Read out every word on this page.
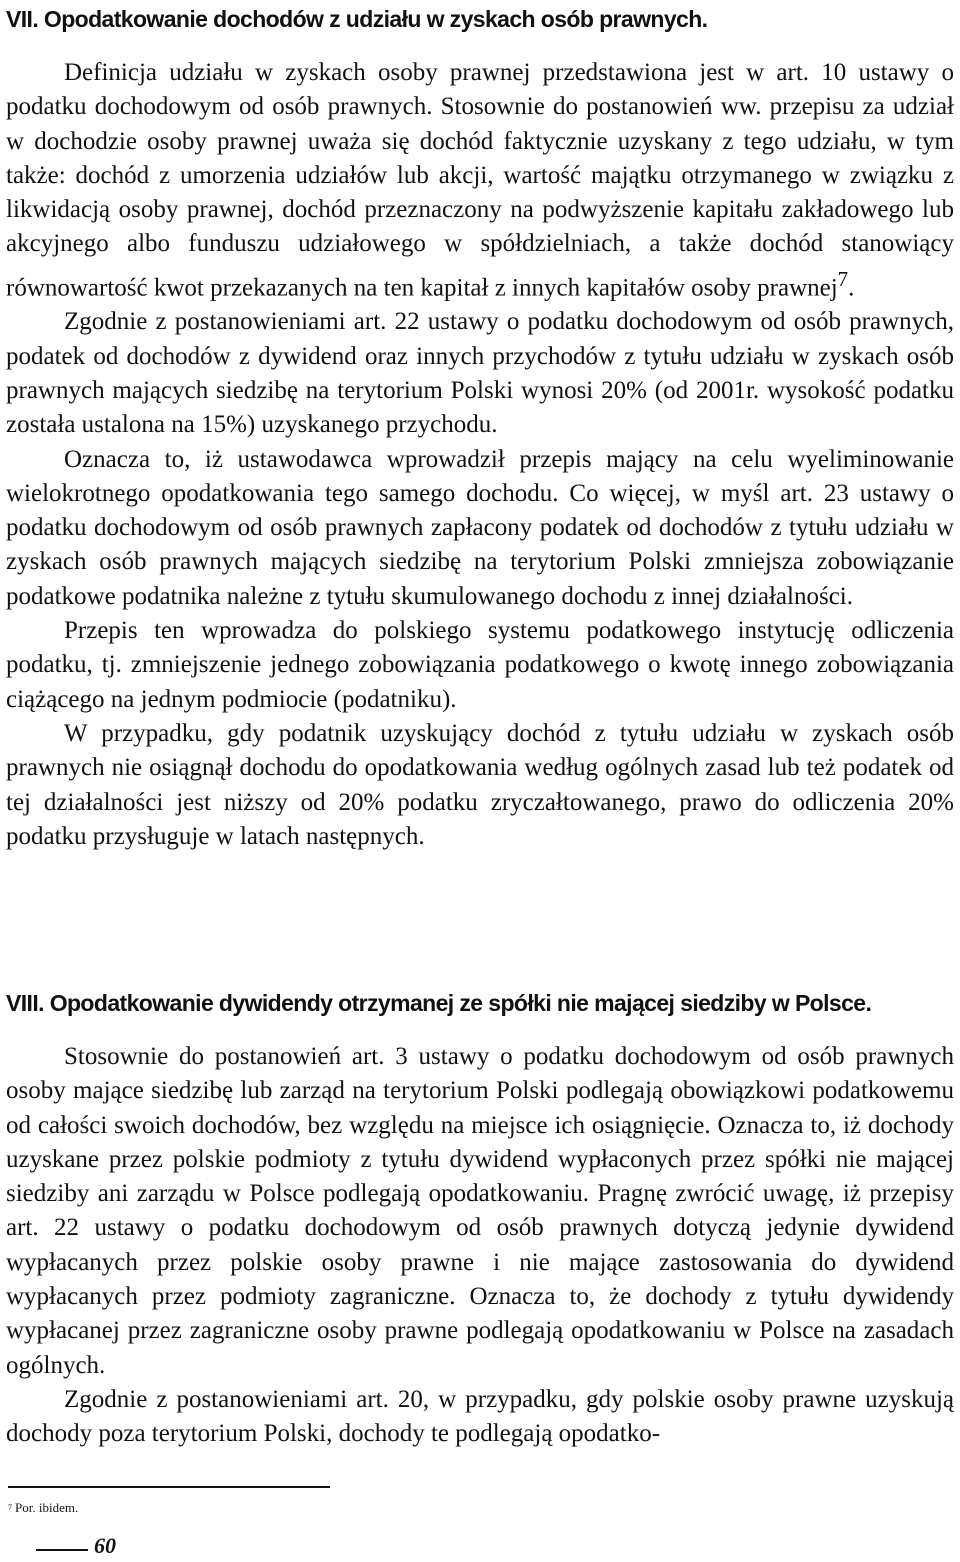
VII. Opodatkowanie dochodów z udziału w zyskach osób prawnych.

Definicja udziału w zyskach osoby prawnej przedstawiona jest w art. 10 ustawy o podatku dochodowym od osób prawnych. Stosownie do postanowień ww. przepisu za udział w dochodzie osoby prawnej uważa się dochód faktycznie uzyskany z tego udziału, w tym także: dochód z umorzenia udziałów lub akcji, wartość majątku otrzymanego w związku z likwidacją osoby prawnej, dochód przeznaczony na podwyższenie kapitału zakładowego lub akcyjnego albo funduszu udziałowego w spółdzielniach, a także dochód stanowiący równowartość kwot przekazanych na ten kapitał z innych kapitałów osoby prawnej$^7$.

Zgodnie z postanowieniami art. 22 ustawy o podatku dochodowym od osób prawnych, podatek od dochodów z dywidend oraz innych przychodów z tytułu udziału w zyskach osób prawnych mających siedzibę na terytorium Polski wynosi 20% (od 2001r. wysokość podatku została ustalona na 15%) uzyskanego przychodu.

Oznacza to, iż ustawodawca wprowadził przepis mający na celu wyeliminowanie wielokrotnego opodatkowania tego samego dochodu. Co więcej, w myśl art. 23 ustawy o podatku dochodowym od osób prawnych zapłacony podatek od dochodów z tytułu udziału w zyskach osób prawnych mających siedzibę na terytorium Polski zmniejsza zobowiązanie podatkowe podatnika należne z tytułu skumulowanego dochodu z innej działalności.

Przepis ten wprowadza do polskiego systemu podatkowego instytucję odliczenia podatku, tj. zmniejszenie jednego zobowiązania podatkowego o kwotę innego zobowiązania ciążącego na jednym podmiocie (podatniku).

W przypadku, gdy podatnik uzyskujący dochód z tytułu udziału w zyskach osób prawnych nie osiągnął dochodu do opodatkowania według ogólnych zasad lub też podatek od tej działalności jest niższy od 20% podatku zryczałtowanego, prawo do odliczenia 20% podatku przysługuje w latach następnych.

VIII. Opodatkowanie dywidendy otrzymanej ze spółki nie mającej siedziby w Polsce.

Stosownie do postanowień art. 3 ustawy o podatku dochodowym od osób prawnych osoby mające siedzibę lub zarząd na terytorium Polski podlegają obowiązkowi podatkowemu od całości swoich dochodów, bez względu na miejsce ich osiągnięcie. Oznacza to, iż dochody uzyskane przez polskie podmioty z tytułu dywidend wypłaconych przez spółki nie mającej siedziby ani zarządu w Polsce podlegają opodatkowaniu. Pragnę zwrócić uwagę, iż przepisy art. 22 ustawy o podatku dochodowym od osób prawnych dotyczą jedynie dywidend wypłacanych przez polskie osoby prawne i nie mające zastosowania do dywidend wypłacanych przez podmioty zagraniczne. Oznacza to, że dochody z tytułu dywidendy wypłacanej przez zagraniczne osoby prawne podlegają opodatkowaniu w Polsce na zasadach ogólnych.

Zgodnie z postanowieniami art. 20, w przypadku, gdy polskie osoby prawne uzyskują dochody poza terytorium Polski, dochody te podlegają opodatko-

$^7$ Por. ibidem.
60
